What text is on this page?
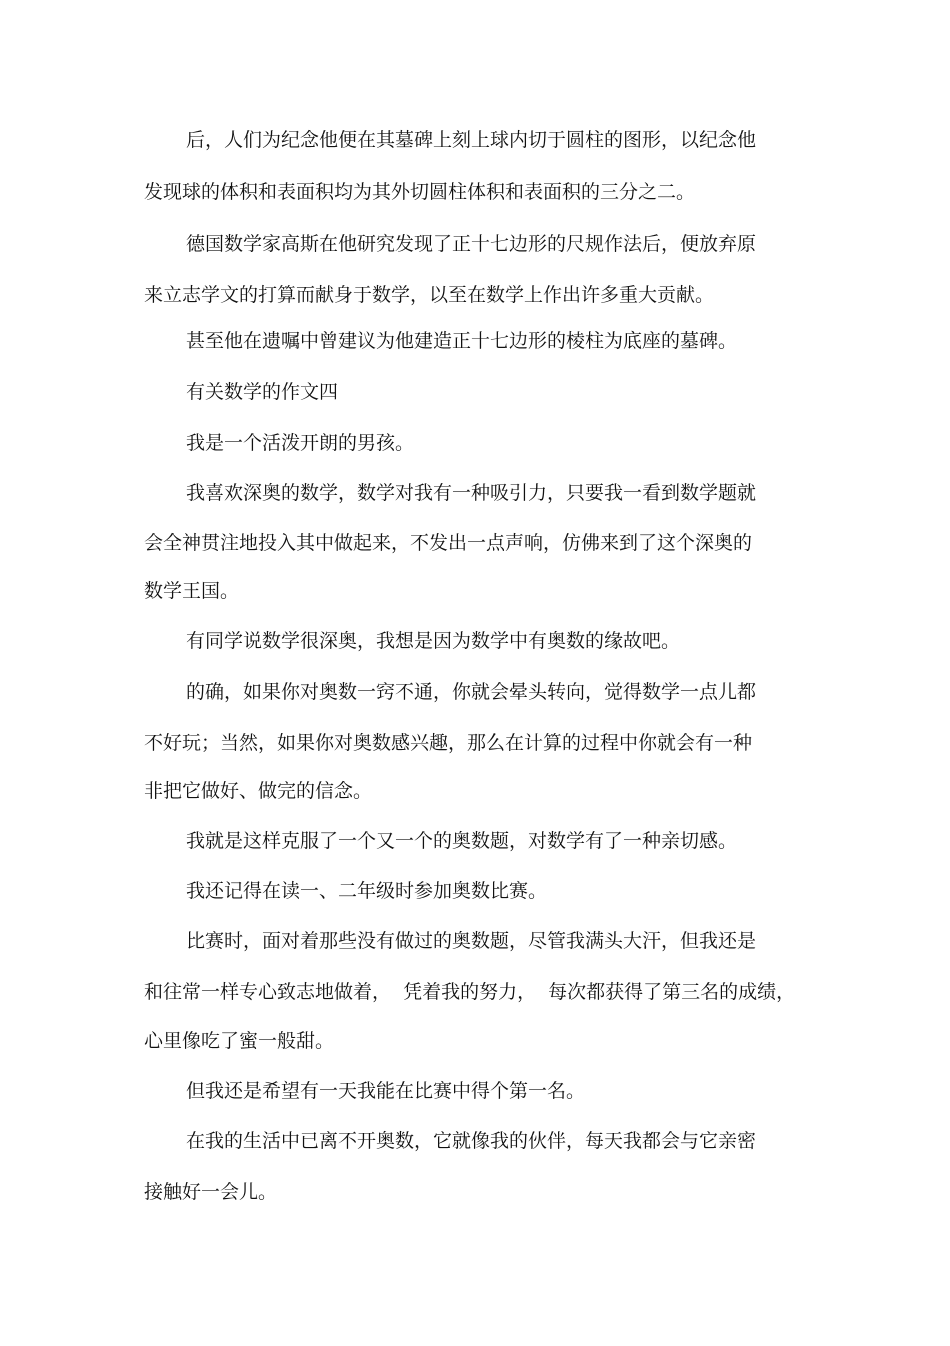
后，人们为纪念他便在其墓碑上刻上球内切于圆柱的图形，以纪念他
发现球的体积和表面积均为其外切圆柱体积和表面积的三分之二。
德国数学家高斯在他研究发现了正十七边形的尺规作法后，便放弃原
来立志学文的打算而献身于数学，以至在数学上作出许多重大贡献。
甚至他在遗嘱中曾建议为他建造正十七边形的棱柱为底座的墓碑。
有关数学的作文四
我是一个活泼开朗的男孩。
我喜欢深奥的数学，数学对我有一种吸引力，只要我一看到数学题就
会全神贯注地投入其中做起来，不发出一点声响，仿佛来到了这个深奥的
数学王国。
有同学说数学很深奥，我想是因为数学中有奥数的缘故吧。
的确，如果你对奥数一窍不通，你就会晕头转向，觉得数学一点儿都
不好玩；当然，如果你对奥数感兴趣，那么在计算的过程中你就会有一种
非把它做好、做完的信念。
我就是这样克服了一个又一个的奥数题，对数学有了一种亲切感。
我还记得在读一、二年级时参加奥数比赛。
比赛时，面对着那些没有做过的奥数题，尽管我满头大汗，但我还是
和往常一样专心致志地做着，  凭着我的努力，  每次都获得了第三名的成绩，
心里像吃了蜜一般甜。
但我还是希望有一天我能在比赛中得个第一名。
在我的生活中已离不开奥数，它就像我的伙伴，每天我都会与它亲密
接触好一会儿。
